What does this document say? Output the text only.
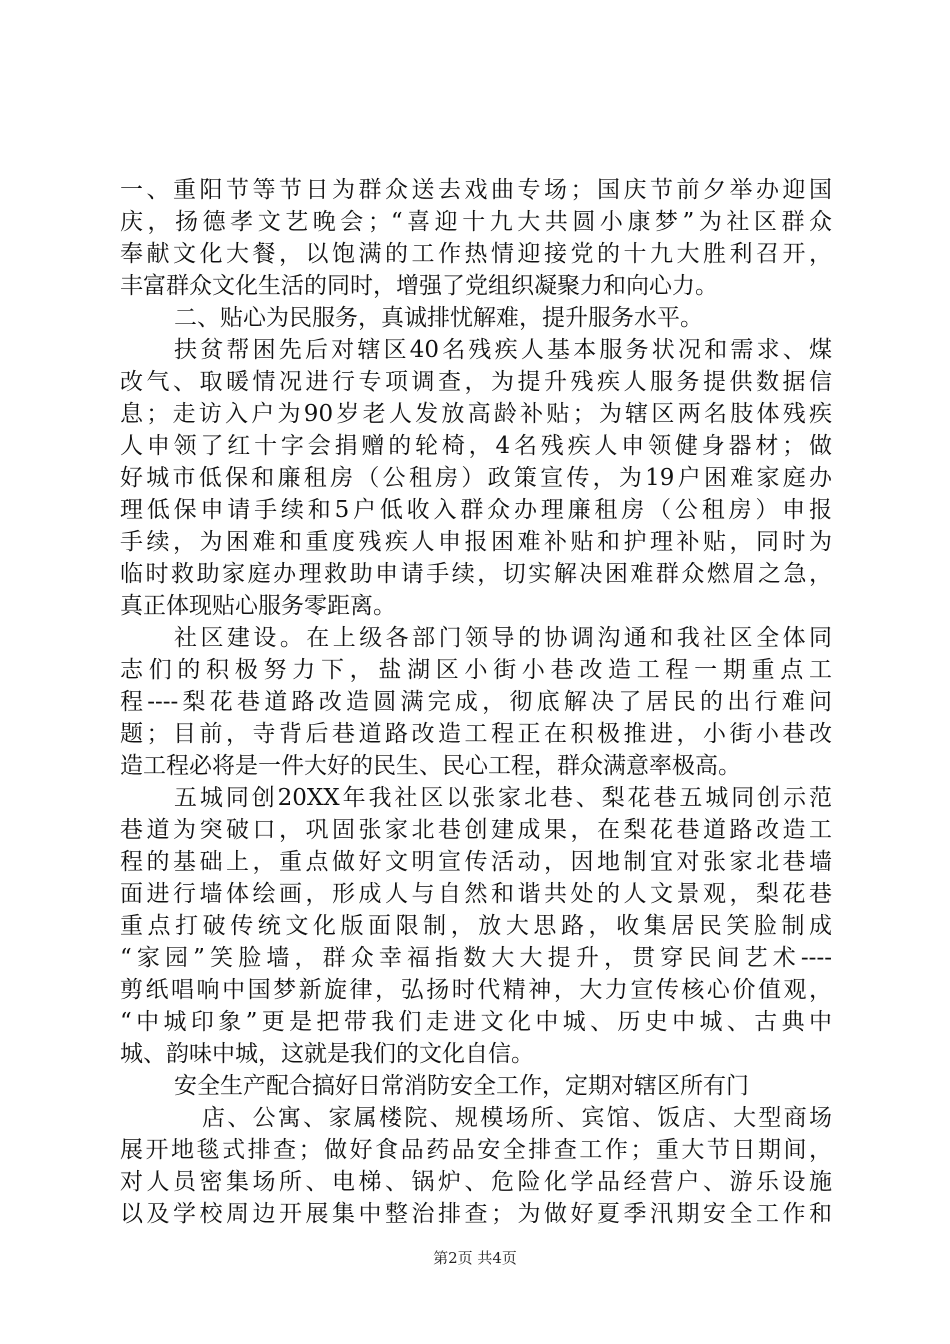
一、重阳节等节日为群众送去戏曲专场；国庆节前夕举办迎国
庆，扬德孝文艺晚会；“喜迎十九大共圆小康梦”为社区群众
奉献文化大餐，以饱满的工作热情迎接党的十九大胜利召开，
丰富群众文化生活的同时，增强了党组织凝聚力和向心力。
二、贴心为民服务，真诚排忧解难，提升服务水平。
扶贫帮困先后对辖区40名残疾人基本服务状况和需求、煤
改气、取暖情况进行专项调查，为提升残疾人服务提供数据信
息；走访入户为90岁老人发放高龄补贴；为辖区两名肢体残疾
人申领了红十字会捐赠的轮椅，4名残疾人申领健身器材；做
好城市低保和廉租房（公租房）政策宣传，为19户困难家庭办
理低保申请手续和5户低收入群众办理廉租房（公租房）申报
手续，为困难和重度残疾人申报困难补贴和护理补贴，同时为
临时救助家庭办理救助申请手续，切实解决困难群众燃眉之急，
真正体现贴心服务零距离。
社区建设。在上级各部门领导的协调沟通和我社区全体同
志们的积极努力下，盐湖区小街小巷改造工程一期重点工
程----梨花巷道路改造圆满完成，彻底解决了居民的出行难问
题；目前，寺背后巷道路改造工程正在积极推进，小街小巷改
造工程必将是一件大好的民生、民心工程，群众满意率极高。
五城同创20XX年我社区以张家北巷、梨花巷五城同创示范
巷道为突破口，巩固张家北巷创建成果，在梨花巷道路改造工
程的基础上，重点做好文明宣传活动，因地制宜对张家北巷墙
面进行墙体绘画，形成人与自然和谐共处的人文景观，梨花巷
重点打破传统文化版面限制，放大思路，收集居民笑脸制成
“家园”笑脸墙，群众幸福指数大大提升，贯穿民间艺术----
剪纸唱响中国梦新旋律，弘扬时代精神，大力宣传核心价值观，
“中城印象”更是把带我们走进文化中城、历史中城、古典中
城、韵味中城，这就是我们的文化自信。
安全生产配合搞好日常消防安全工作，定期对辖区所有门
店、公寓、家属楼院、规模场所、宾馆、饭店、大型商场
展开地毯式排查；做好食品药品安全排查工作；重大节日期间，
对人员密集场所、电梯、锅炉、危险化学品经营户、游乐设施
以及学校周边开展集中整治排查；为做好夏季汛期安全工作和
第2页 共4页
